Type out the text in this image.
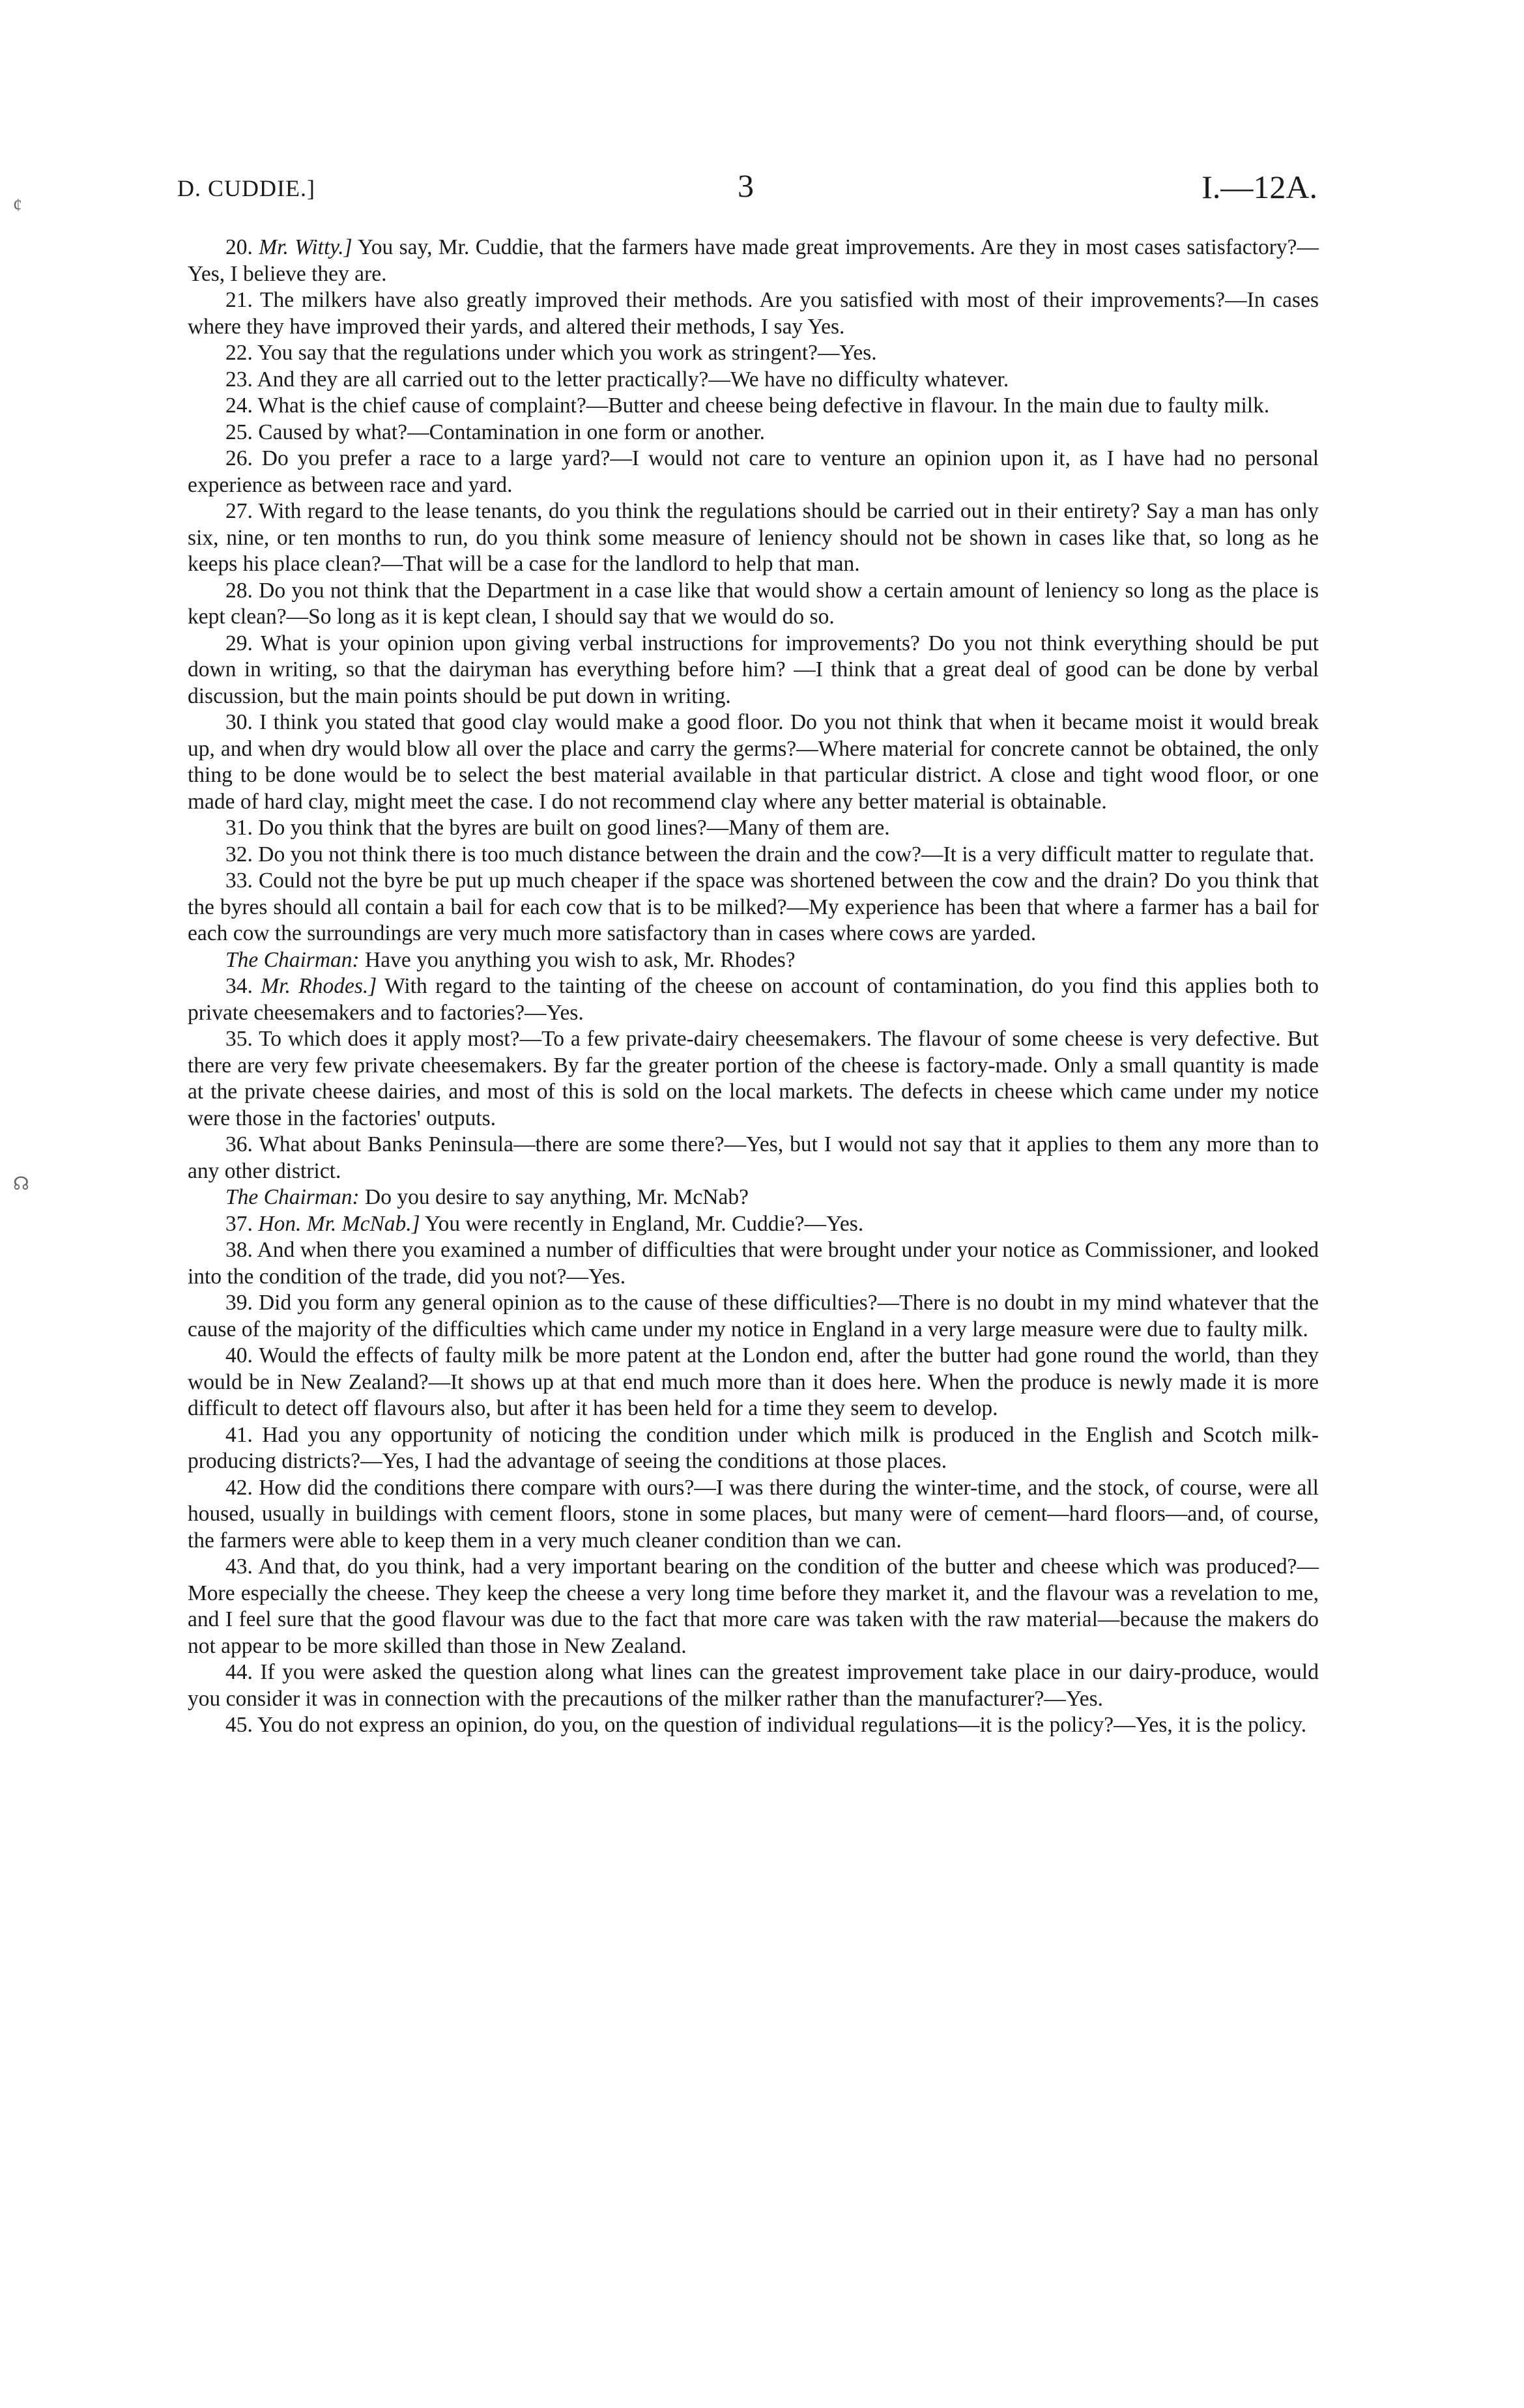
¢
☊
D. CUDDIE.]	3	I.—12A.

20. Mr. Witty.] You say, Mr. Cuddie, that the farmers have made great improvements. Are they in most cases satisfactory?—Yes, I believe they are.

21. The milkers have also greatly improved their methods. Are you satisfied with most of their improvements?—In cases where they have improved their yards, and altered their methods, I say Yes.

22. You say that the regulations under which you work as stringent?—Yes.

23. And they are all carried out to the letter practically?—We have no difficulty whatever.

24. What is the chief cause of complaint?—Butter and cheese being defective in flavour. In the main due to faulty milk.

25. Caused by what?—Contamination in one form or another.

26. Do you prefer a race to a large yard?—I would not care to venture an opinion upon it, as I have had no personal experience as between race and yard.

27. With regard to the lease tenants, do you think the regulations should be carried out in their entirety? Say a man has only six, nine, or ten months to run, do you think some measure of leniency should not be shown in cases like that, so long as he keeps his place clean?—That will be a case for the landlord to help that man.

28. Do you not think that the Department in a case like that would show a certain amount of leniency so long as the place is kept clean?—So long as it is kept clean, I should say that we would do so.

29. What is your opinion upon giving verbal instructions for improvements? Do you not think everything should be put down in writing, so that the dairyman has everything before him? —I think that a great deal of good can be done by verbal discussion, but the main points should be put down in writing.

30. I think you stated that good clay would make a good floor. Do you not think that when it became moist it would break up, and when dry would blow all over the place and carry the germs?—Where material for concrete cannot be obtained, the only thing to be done would be to select the best material available in that particular district. A close and tight wood floor, or one made of hard clay, might meet the case. I do not recommend clay where any better material is obtainable.

31. Do you think that the byres are built on good lines?—Many of them are.

32. Do you not think there is too much distance between the drain and the cow?—It is a very difficult matter to regulate that.

33. Could not the byre be put up much cheaper if the space was shortened between the cow and the drain? Do you think that the byres should all contain a bail for each cow that is to be milked?—My experience has been that where a farmer has a bail for each cow the surroundings are very much more satisfactory than in cases where cows are yarded.

The Chairman: Have you anything you wish to ask, Mr. Rhodes?

34. Mr. Rhodes.] With regard to the tainting of the cheese on account of contamination, do you find this applies both to private cheesemakers and to factories?—Yes.

35. To which does it apply most?—To a few private-dairy cheesemakers. The flavour of some cheese is very defective. But there are very few private cheesemakers. By far the greater portion of the cheese is factory-made. Only a small quantity is made at the private cheese dairies, and most of this is sold on the local markets. The defects in cheese which came under my notice were those in the factories' outputs.

36. What about Banks Peninsula—there are some there?—Yes, but I would not say that it applies to them any more than to any other district.

The Chairman: Do you desire to say anything, Mr. McNab?

37. Hon. Mr. McNab.] You were recently in England, Mr. Cuddie?—Yes.

38. And when there you examined a number of difficulties that were brought under your notice as Commissioner, and looked into the condition of the trade, did you not?—Yes.

39. Did you form any general opinion as to the cause of these difficulties?—There is no doubt in my mind whatever that the cause of the majority of the difficulties which came under my notice in England in a very large measure were due to faulty milk.

40. Would the effects of faulty milk be more patent at the London end, after the butter had gone round the world, than they would be in New Zealand?—It shows up at that end much more than it does here. When the produce is newly made it is more difficult to detect off flavours also, but after it has been held for a time they seem to develop.

41. Had you any opportunity of noticing the condition under which milk is produced in the English and Scotch milk-producing districts?—Yes, I had the advantage of seeing the conditions at those places.

42. How did the conditions there compare with ours?—I was there during the winter-time, and the stock, of course, were all housed, usually in buildings with cement floors, stone in some places, but many were of cement—hard floors—and, of course, the farmers were able to keep them in a very much cleaner condition than we can.

43. And that, do you think, had a very important bearing on the condition of the butter and cheese which was produced?—More especially the cheese. They keep the cheese a very long time before they market it, and the flavour was a revelation to me, and I feel sure that the good flavour was due to the fact that more care was taken with the raw material—because the makers do not appear to be more skilled than those in New Zealand.

44. If you were asked the question along what lines can the greatest improvement take place in our dairy-produce, would you consider it was in connection with the precautions of the milker rather than the manufacturer?—Yes.

45. You do not express an opinion, do you, on the question of individual regulations—it is the policy?—Yes, it is the policy.
